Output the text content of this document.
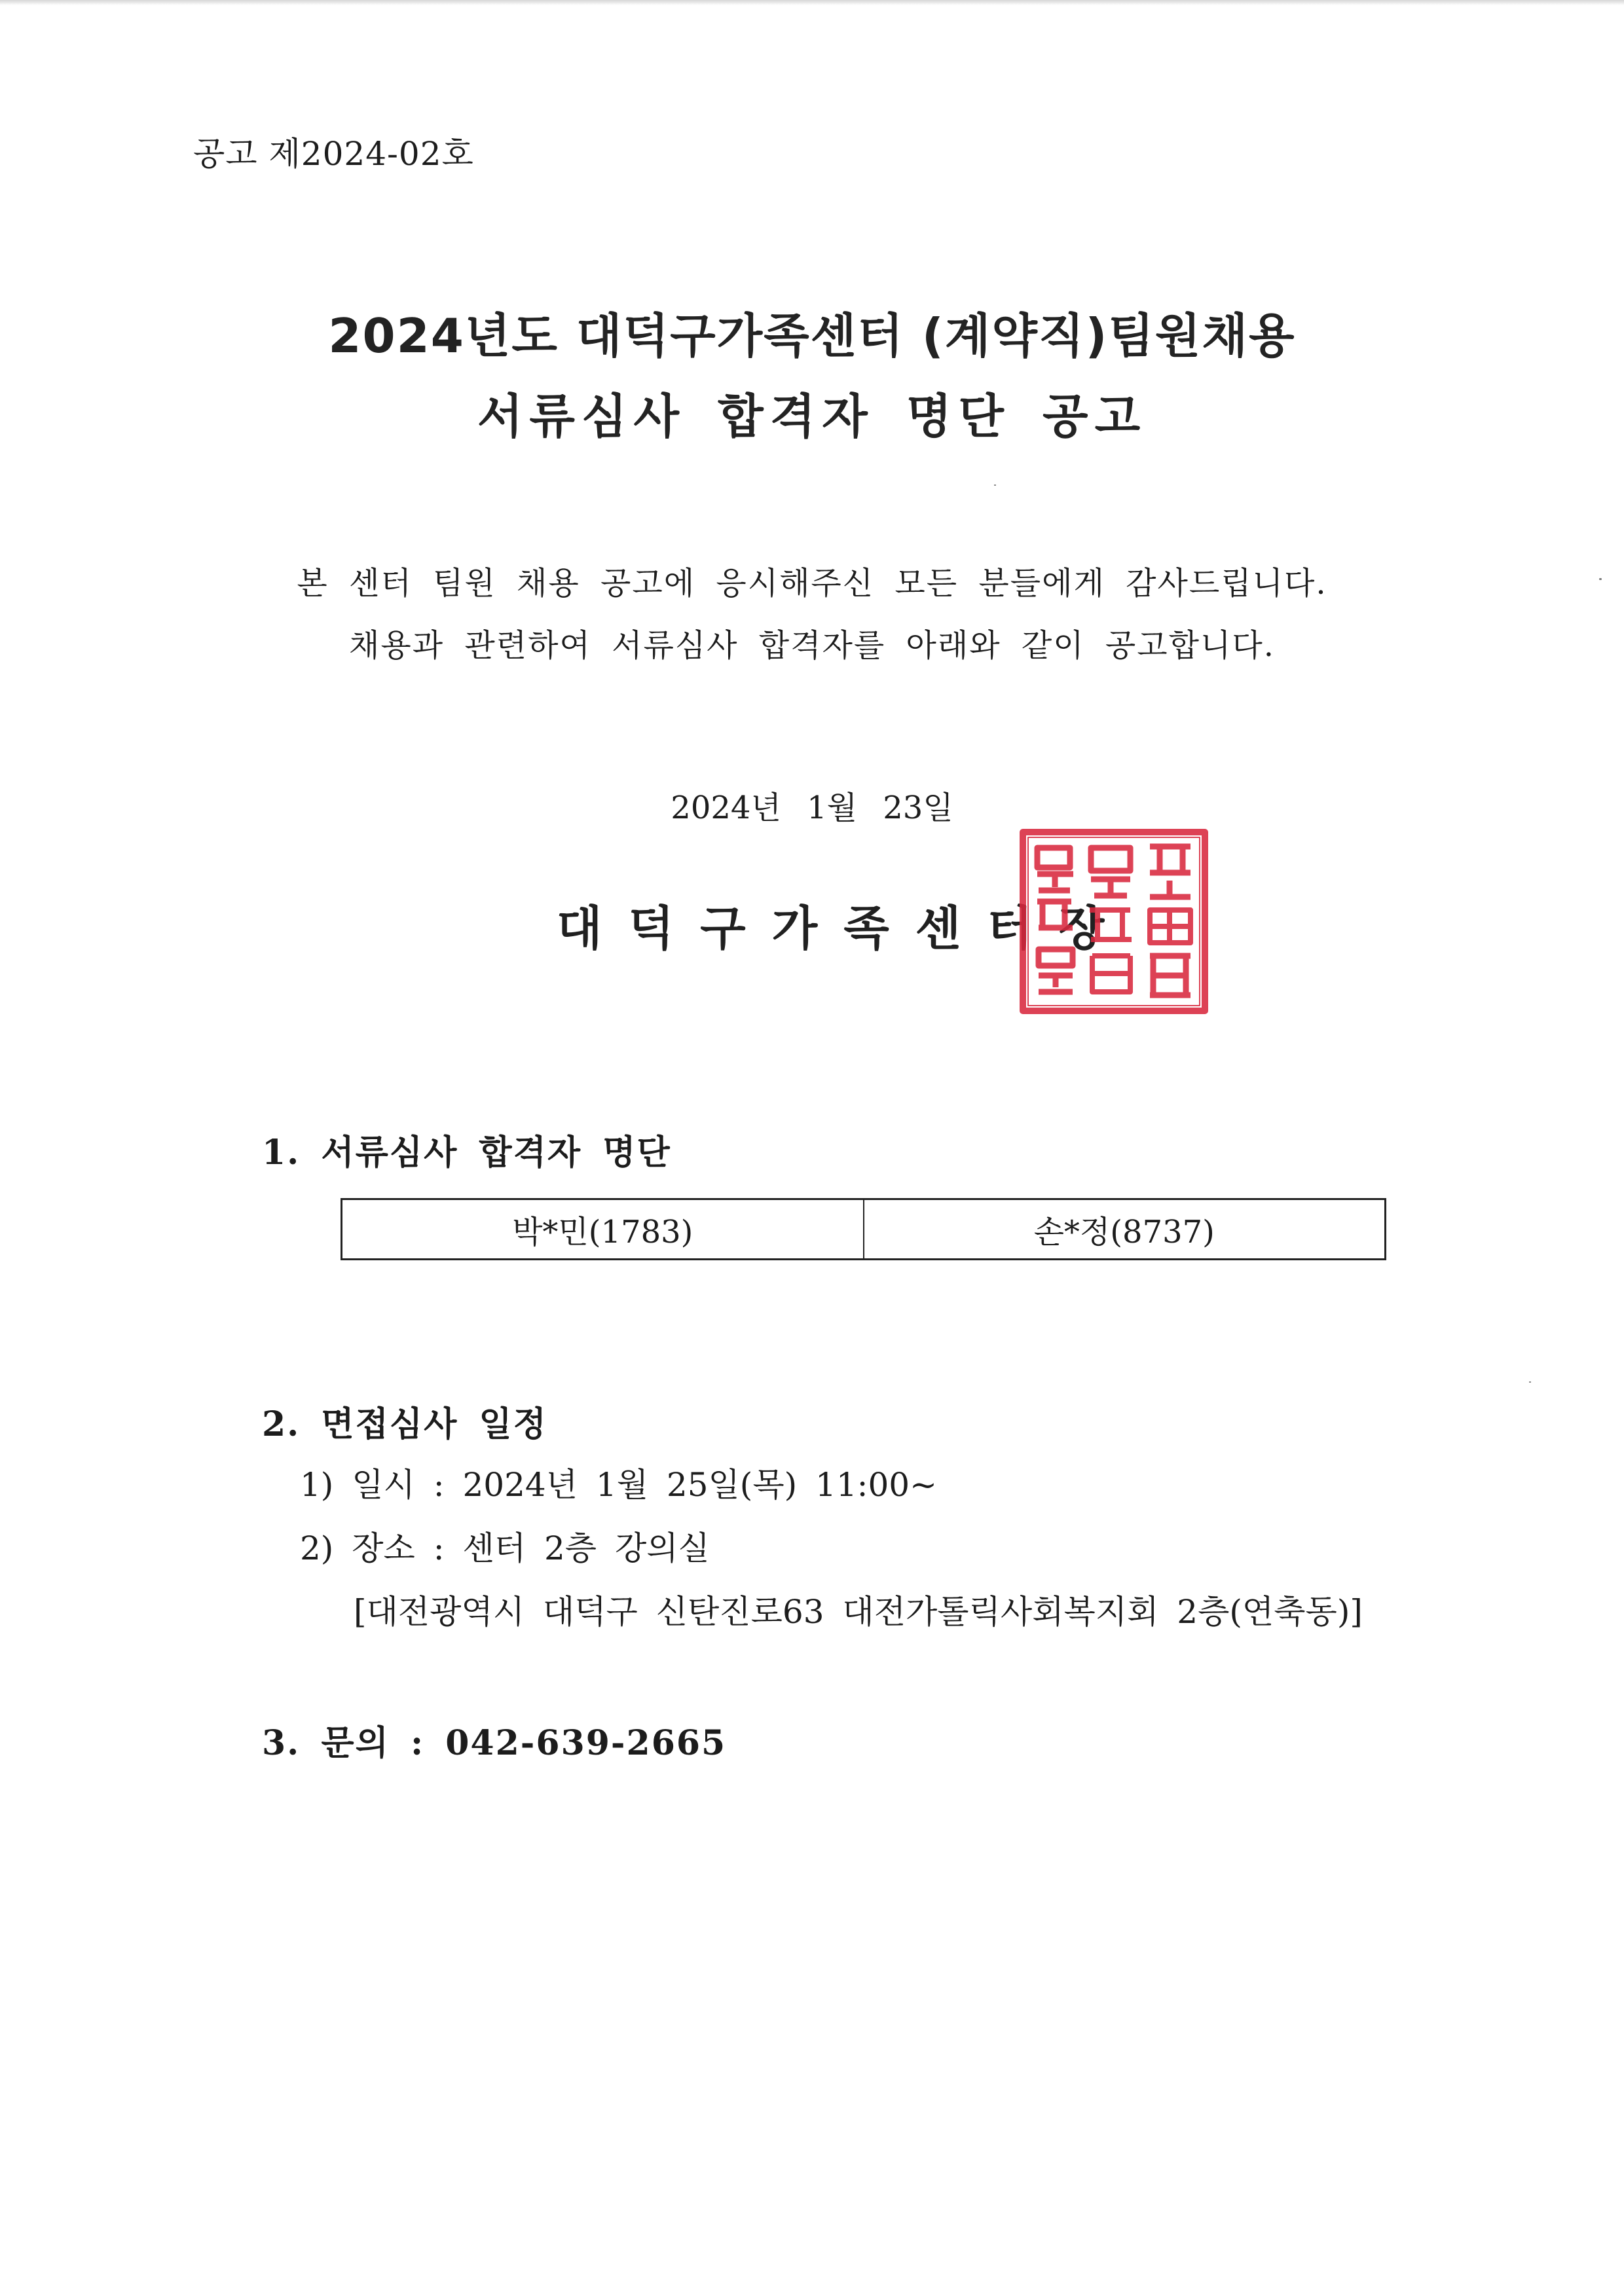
공고 제2024-02호
2024년도 대덕구가족센터 (계약직)팀원채용
서류심사 합격자 명단 공고
본 센터 팀원 채용 공고에 응시해주신 모든 분들에게 감사드립니다.
채용과 관련하여 서류심사 합격자를 아래와 같이 공고합니다.
2024년 1월 23일
대덕구가족센터장
1. 서류심사 합격자 명단
박*민(1783)	손*정(8737)
2. 면접심사 일정
1) 일시 : 2024년 1월 25일(목) 11:00~
2) 장소 : 센터 2층 강의실
[대전광역시 대덕구 신탄진로63 대전가톨릭사회복지회 2층(연축동)]
3. 문의 : 042-639-2665
